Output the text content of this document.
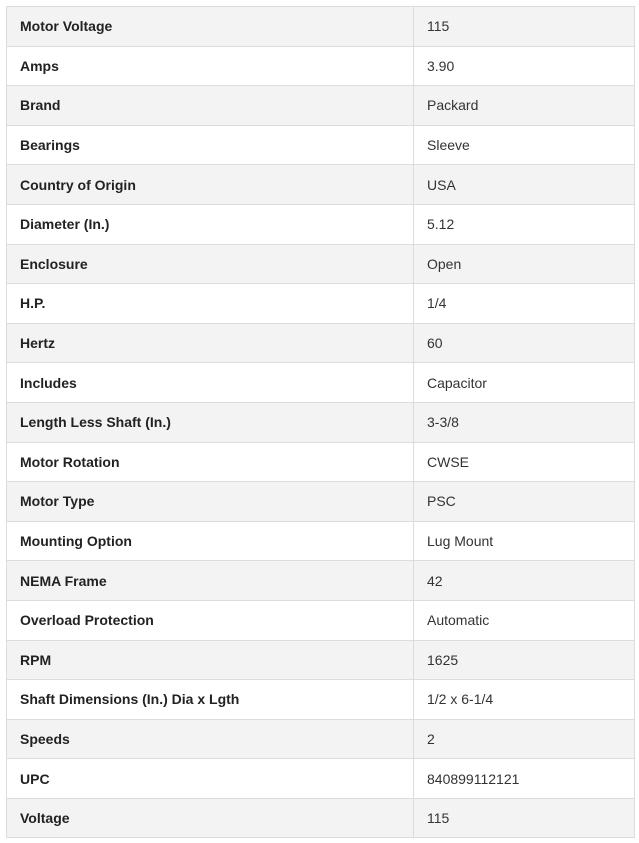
Motor Voltage	115
Amps	3.90
Brand	Packard
Bearings	Sleeve
Country of Origin	USA
Diameter (In.)	5.12
Enclosure	Open
H.P.	1/4
Hertz	60
Includes	Capacitor
Length Less Shaft (In.)	3-3/8
Motor Rotation	CWSE
Motor Type	PSC
Mounting Option	Lug Mount
NEMA Frame	42
Overload Protection	Automatic
RPM	1625
Shaft Dimensions (In.) Dia x Lgth	1/2 x 6-1/4
Speeds	2
UPC	840899112121
Voltage	115
